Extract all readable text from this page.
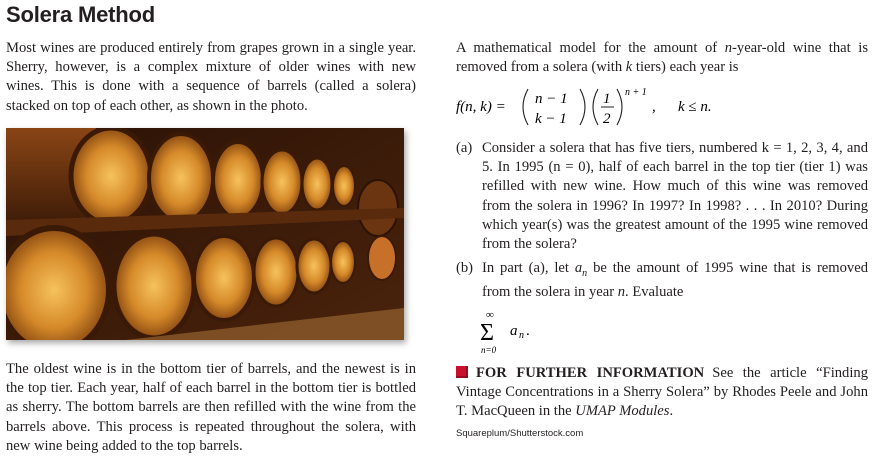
Solera Method

Most wines are produced entirely from grapes grown in a single year. Sherry, however, is a complex mixture of older wines with new wines. This is done with a sequence of barrels (called a solera) stacked on top of each other, as shown in the photo.

The oldest wine is in the bottom tier of barrels, and the newest is in the top tier. Each year, half of each barrel in the bottom tier is bottled as sherry. The bottom barrels are then refilled with the wine from the barrels above. This process is repeated throughout the solera, with new wine being added to the top barrels.

A mathematical model for the amount of n-year-old wine that is removed from a solera (with k tiers) each year is

f(n, k) = n − 1
k − 1
1
2
n + 1
, k ≤ n.
(a) Consider a solera that has five tiers, numbered k = 1, 2, 3, 4, and 5. In 1995 (n = 0), half of each barrel in the top tier (tier 1) was refilled with new wine. How much of this wine was removed from the solera in 1996? In 1997? In 1998? . . . In 2010? During which year(s) was the greatest amount of the 1995 wine removed from the solera?
(b) In part (a), let $a_n$ be the amount of 1995 wine that is removed from the solera in year n. Evaluate
∞
Σ
n=0
a n .
FOR FURTHER INFORMATION See the article “Finding Vintage Concentrations in a Sherry Solera” by Rhodes Peele and John T. MacQueen in the UMAP Modules.
Squareplum/Shutterstock.com
